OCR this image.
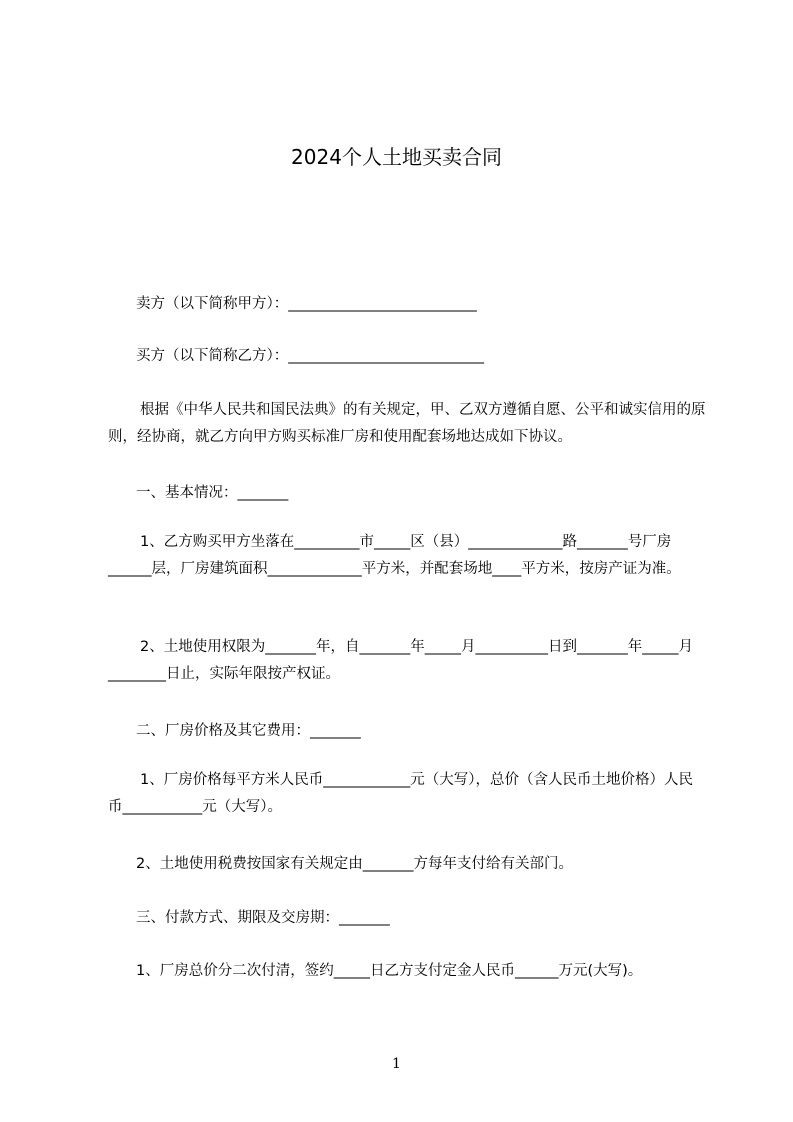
2024个人土地买卖合同

卖方（以下简称甲方）：__________________________

买方（以下简称乙方）：___________________________

根据《中华人民共和国民法典》的有关规定，甲、乙双方遵循自愿、公平和诚实信用的原则，经协商，就乙方向甲方购买标准厂房和使用配套场地达成如下协议。

一、基本情况：_______

1、乙方购买甲方坐落在_________市_____区（县）_____________路_______号厂房______层，厂房建筑面积_____________平方米，并配套场地____平方米，按房产证为准。

2、土地使用权限为_______年，自_______年_____月__________日到_______年_____月________日止，实际年限按产权证。

二、厂房价格及其它费用：_______

1、厂房价格每平方米人民币____________元（大写），总价（含人民币土地价格）人民币___________元（大写）。

2、土地使用税费按国家有关规定由_______方每年支付给有关部门。

三、付款方式、期限及交房期：_______

1、厂房总价分二次付清，签约_____日乙方支付定金人民币______万元(大写)。

1
